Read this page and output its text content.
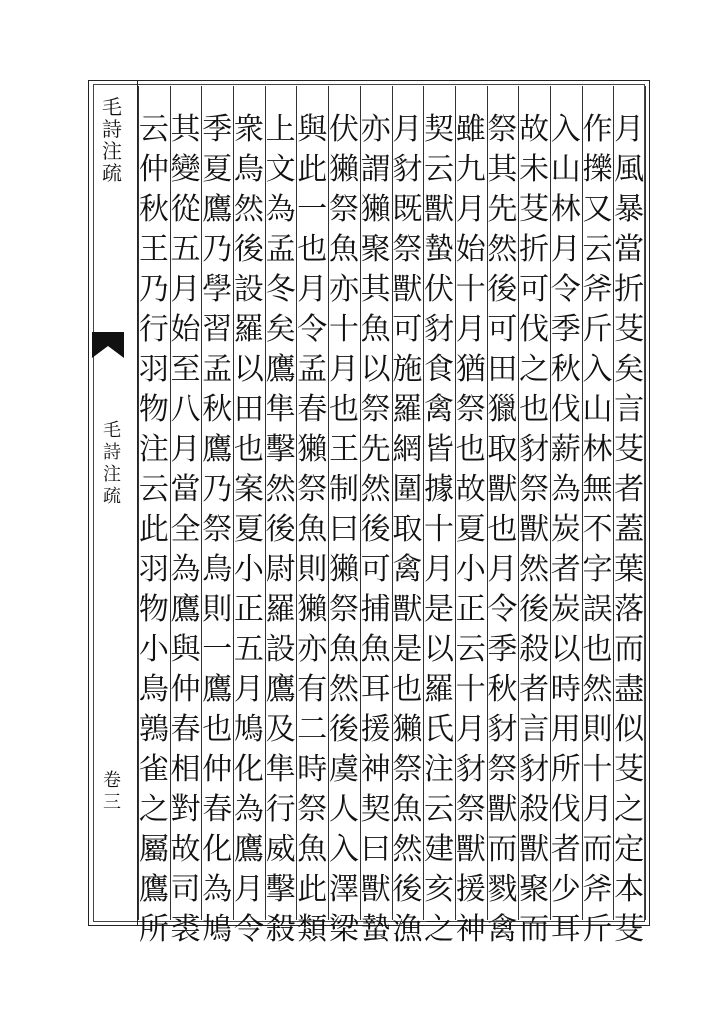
毛
詩
注
疏
毛
詩
注
疏
卷
三
月
風
暴
當
折
芟
矣
言
芟
者
蓋
葉
落
而
盡
似
芟
之
定
本
芟
作
擽
又
云
斧
斤
入
山
林
無
不
字
誤
也
然
則
十
月
而
斧
斤
入
山
林
月
令
季
秋
伐
薪
為
炭
者
炭
以
時
用
所
伐
者
少
耳
故
未
芟
折
可
伐
之
也
豺
祭
獸
然
後
殺
者
言
豺
殺
獸
聚
而
祭
其
先
然
後
可
田
獵
取
獸
也
月
令
季
秋
豺
祭
獸
而
戮
禽
雖
九
月
始
十
月
猶
祭
也
故
夏
小
正
云
十
月
豺
祭
獸
援
神
契
云
獸
蟄
伏
豺
食
禽
皆
據
十
月
是
以
羅
氏
注
云
建
亥
之
月
豺
既
祭
獸
可
施
羅
網
圍
取
禽
獸
是
也
獺
祭
魚
然
後
漁
亦
謂
獺
聚
其
魚
以
祭
先
然
後
可
捕
魚
耳
援
神
契
曰
獸
蟄
伏
獺
祭
魚
亦
十
月
也
王
制
曰
獺
祭
魚
然
後
虞
人
入
澤
梁
與
此
一
也
月
令
孟
春
獺
祭
魚
則
獺
亦
有
二
時
祭
魚
此
類
上
文
為
孟
冬
矣
鷹
隼
擊
然
後
尉
羅
設
鷹
及
隼
行
威
擊
殺
衆
鳥
然
後
設
羅
以
田
也
案
夏
小
正
五
月
鳩
化
為
鷹
月
令
季
夏
鷹
乃
學
習
孟
秋
鷹
乃
祭
鳥
則
一
鷹
也
仲
春
化
為
鳩
其
變
從
五
月
始
至
八
月
當
全
為
鷹
與
仲
春
相
對
故
司
裘
云
仲
秋
王
乃
行
羽
物
注
云
此
羽
物
小
鳥
鶉
雀
之
屬
鷹
所
